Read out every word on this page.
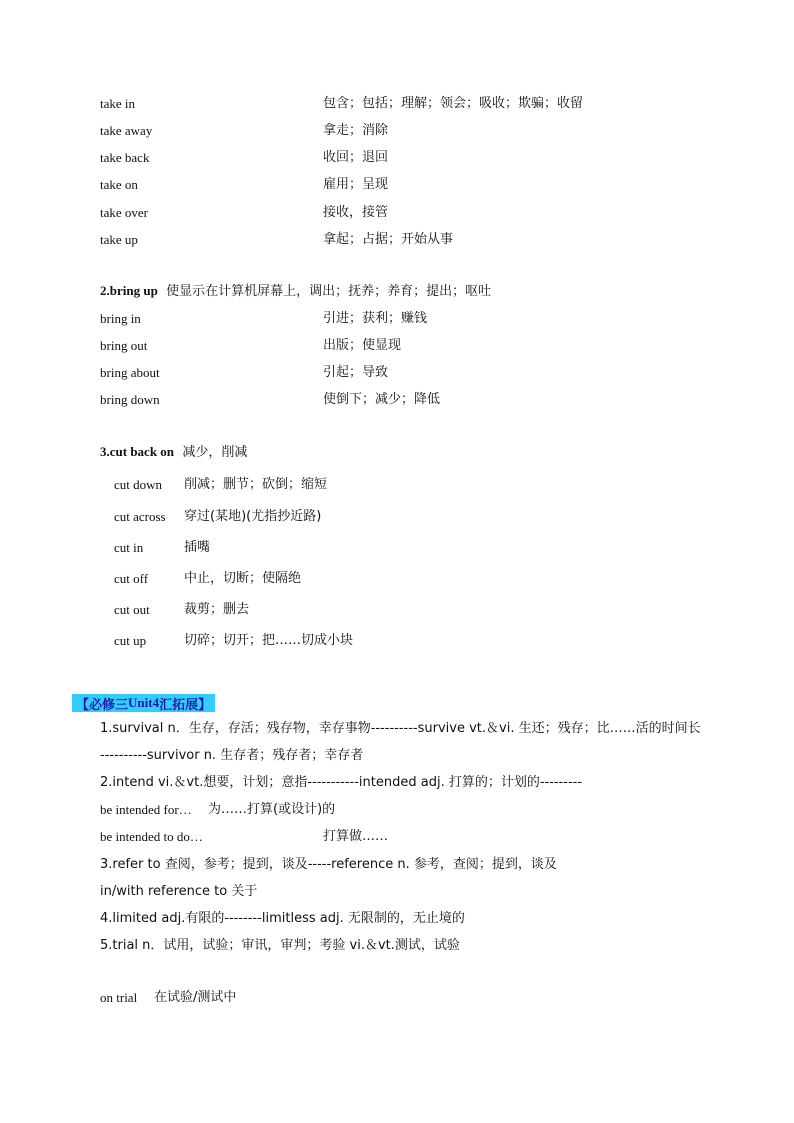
take in	包含；包括；理解；领会；吸收；欺骗；收留
take away	拿走；消除
take back	收回；退回
take on	雇用；呈现
take over	接收，接管
take up	拿起；占据；开始从事
2.bring up 使显示在计算机屏幕上，调出；抚养；养育；提出；呕吐
bring in	引进；获利；赚钱
bring out	出版；使显现
bring about	引起；导致
bring down	使倒下；减少；降低
3.cut back on 减少，削减
cut down 削减；删节；砍倒；缩短
cut across 穿过(某地)(尤指抄近路)
cut in	插嘴
cut off	中止，切断；使隔绝
cut out	裁剪；删去
cut up	切碎；切开；把……切成小块
【 必修三 Unit4 汇拓展 】
1.survival n．生存，存活；残存物，幸存事物----------survive vt.＆vi. 生还；残存；比……活的时间长
----------survivor n. 生存者；残存者；幸存者
2.intend vi.＆vt.想要，计划；意指-----------intended adj. 打算的；计划的---------
be intended for… 为……打算(或设计)的
be intended to do…	打算做……
3.refer to 查阅，参考；提到，谈及-----reference n. 参考，查阅；提到，谈及
in/with reference to 关于
4.limited adj.有限的--------limitless adj. 无限制的，无止境的
5.trial n．试用，试验；审讯，审判；考验 vi.＆vt.测试，试验
on trial 在试验/测试中
